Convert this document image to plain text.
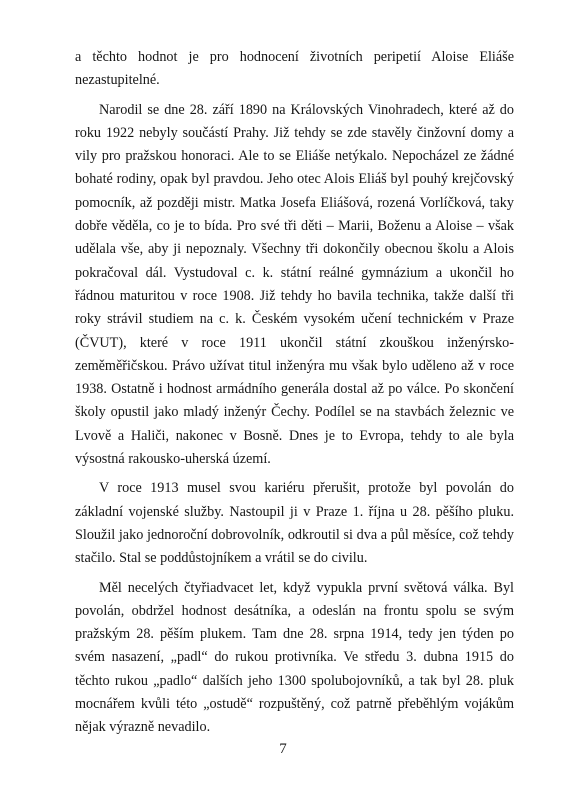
a těchto hodnot je pro hodnocení životních peripetií Aloise Eliáše nezastupitelné.

Narodil se dne 28. září 1890 na Královských Vinohradech, které až do roku 1922 nebyly součástí Prahy. Již tehdy se zde stavěly činžovní domy a vily pro pražskou honoraci. Ale to se Eliáše netýkalo. Nepocházel ze žádné bohaté rodiny, opak byl pravdou. Jeho otec Alois Eliáš byl pouhý krejčovský pomocník, až později mistr. Matka Josefa Eliášová, rozená Vorlíčková, taky dobře věděla, co je to bída. Pro své tři děti – Marii, Boženu a Aloise – však udělala vše, aby ji nepoznaly. Všechny tři dokončily obecnou školu a Alois pokračoval dál. Vystudoval c. k. státní reálné gymnázium a ukončil ho řádnou maturitou v roce 1908. Již tehdy ho bavila technika, takže další tři roky strávil studiem na c. k. Českém vysokém učení technickém v Praze (ČVUT), které v roce 1911 ukončil státní zkouškou inženýrsko-zeměměřičskou. Právo užívat titul inženýra mu však bylo uděleno až v roce 1938. Ostatně i hodnost armádního generála dostal až po válce. Po skončení školy opustil jako mladý inženýr Čechy. Podílel se na stavbách železnic ve Lvově a Haliči, nakonec v Bosně. Dnes je to Evropa, tehdy to ale byla výsostná rakousko-uherská území.

V roce 1913 musel svou kariéru přerušit, protože byl povolán do základní vojenské služby. Nastoupil ji v Praze 1. října u 28. pěšího pluku. Sloužil jako jednoroční dobrovolník, odkroutil si dva a půl měsíce, což tehdy stačilo. Stal se poddůstojníkem a vrátil se do civilu.

Měl necelých čtyřiadvacet let, když vypukla první světová válka. Byl povolán, obdržel hodnost desátníka, a odeslán na frontu spolu se svým pražským 28. pěším plukem. Tam dne 28. srpna 1914, tedy jen týden po svém nasazení, „padl“ do rukou protivníka. Ve středu 3. dubna 1915 do těchto rukou „padlo“ dalších jeho 1300 spolubojovníků, a tak byl 28. pluk mocnářem kvůli této „ostudě“ rozpuštěný, což patrně přeběhlým vojákům nějak výrazně nevadilo.

7
